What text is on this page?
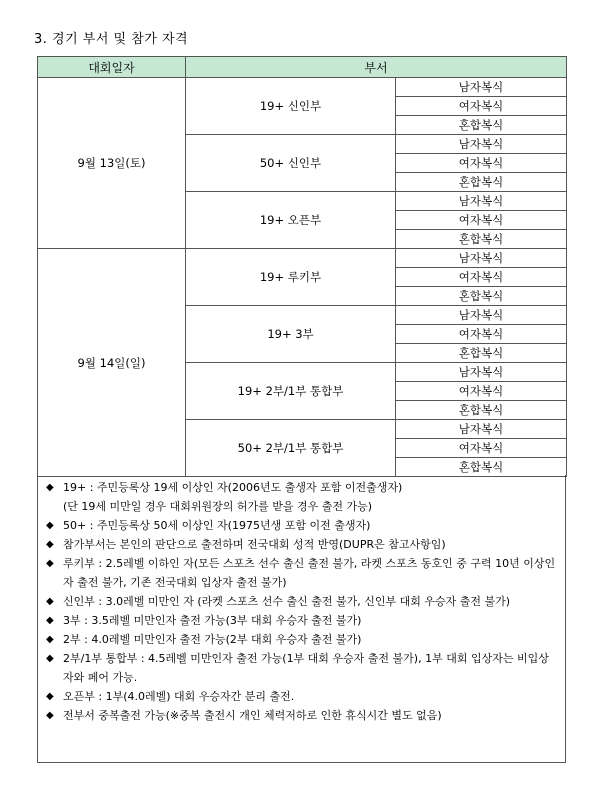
3. 경기 부서 및 참가 자격
대회일자	부서	
9월 13일(토)	19+ 신인부	남자복식
		여자복식
		혼합복식
	50+ 신인부	남자복식
		여자복식
		혼합복식
	19+ 오픈부	남자복식
		여자복식
		혼합복식
9월 14일(일)	19+ 루키부	남자복식
		여자복식
		혼합복식
	19+ 3부	남자복식
		여자복식
		혼합복식
	19+ 2부/1부 통합부	남자복식
		여자복식
		혼합복식
	50+ 2부/1부 통합부	남자복식
		여자복식
		혼합복식
◆ 19+ : 주민등록상 19세 이상인 자(2006년도 출생자 포함 이전출생자)
(단 19세 미만일 경우 대회위원장의 허가를 받을 경우 출전 가능)
◆ 50+ : 주민등록상 50세 이상인 자(1975년생 포함 이전 출생자)
◆ 참가부서는 본인의 판단으로 출전하며 전국대회 성적 반영(DUPR은 참고사항임)
◆ 루키부 : 2.5레벨 이하인 자(모든 스포츠 선수 출신 출전 불가, 라켓 스포츠 동호인 중 구력 10년 이상인자 출전 불가, 기존 전국대회 입상자 출전 불가)
◆ 신인부 : 3.0레벨 미만인 자 (라켓 스포츠 선수 출신 출전 불가, 신인부 대회 우승자 출전 불가)
◆ 3부 : 3.5레벨 미만인자 출전 가능(3부 대회 우승자 출전 불가)
◆ 2부 : 4.0레벨 미만인자 출전 가능(2부 대회 우승자 출전 불가)
◆ 2부/1부 통합부 : 4.5레벨 미만인자 출전 가능(1부 대회 우승자 출전 불가), 1부 대회 입상자는 비입상자와 페어 가능.
◆ 오픈부 : 1부(4.0레벨) 대회 우승자간 분리 출전.
◆ 전부서 중복출전 가능(※중복 출전시 개인 체력저하로 인한 휴식시간 별도 없음)
